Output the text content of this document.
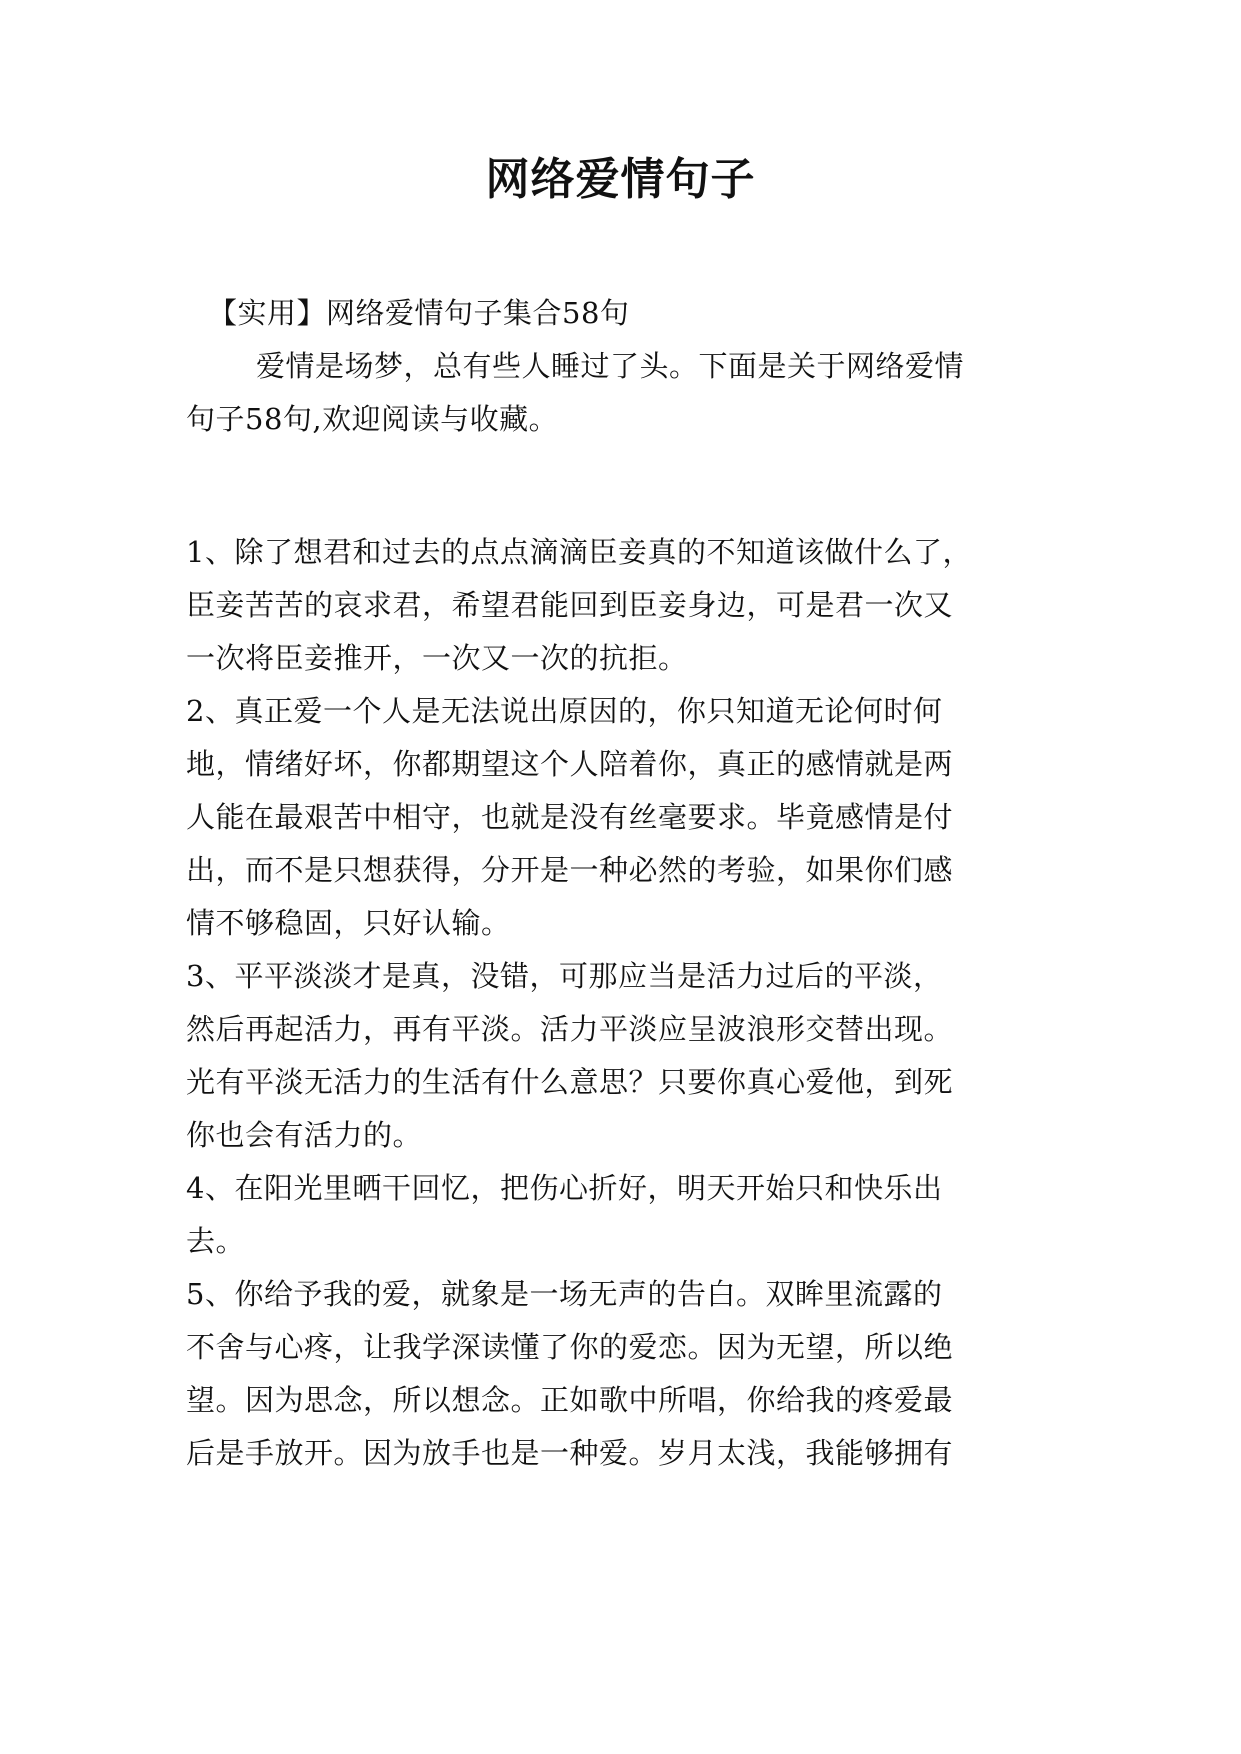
网络爱情句子
【实用】网络爱情句子集合58句
爱情是场梦，总有些人睡过了头。下面是关于网络爱情
句子58句,欢迎阅读与收藏。
1、除了想君和过去的点点滴滴臣妾真的不知道该做什么了，
臣妾苦苦的哀求君，希望君能回到臣妾身边，可是君一次又
一次将臣妾推开，一次又一次的抗拒。
2、真正爱一个人是无法说出原因的，你只知道无论何时何
地，情绪好坏，你都期望这个人陪着你，真正的感情就是两
人能在最艰苦中相守，也就是没有丝毫要求。毕竟感情是付
出，而不是只想获得，分开是一种必然的考验，如果你们感
情不够稳固，只好认输。
3、平平淡淡才是真，没错，可那应当是活力过后的平淡，
然后再起活力，再有平淡。活力平淡应呈波浪形交替出现。
光有平淡无活力的生活有什么意思？只要你真心爱他，到死
你也会有活力的。
4、在阳光里晒干回忆，把伤心折好，明天开始只和快乐出
去。
5、你给予我的爱，就象是一场无声的告白。双眸里流露的
不舍与心疼，让我学深读懂了你的爱恋。因为无望，所以绝
望。因为思念，所以想念。正如歌中所唱，你给我的疼爱最
后是手放开。因为放手也是一种爱。岁月太浅，我能够拥有
